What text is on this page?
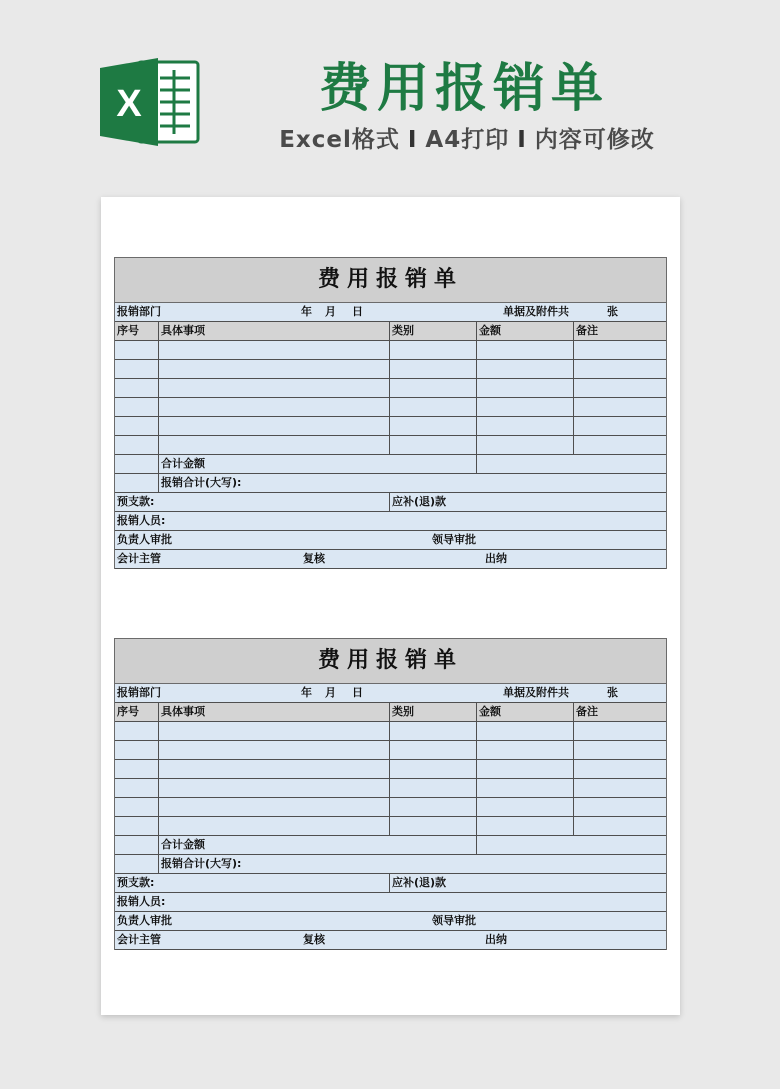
X	费用报销单
Excel格式 I A4打印 I 内容可修改
费用报销单
报销部门	年 月 日	单据及附件共	张
序号	具体事项	类别	金额	备注
合计金额
报销合计(大写):
预支款:	应补(退)款
报销人员:
负责人审批	领导审批
会计主管	复核	出纳
费用报销单
报销部门	年 月 日	单据及附件共	张
序号	具体事项	类别	金额	备注
合计金额
报销合计(大写):
预支款:	应补(退)款
报销人员:
负责人审批	领导审批
会计主管	复核	出纳
